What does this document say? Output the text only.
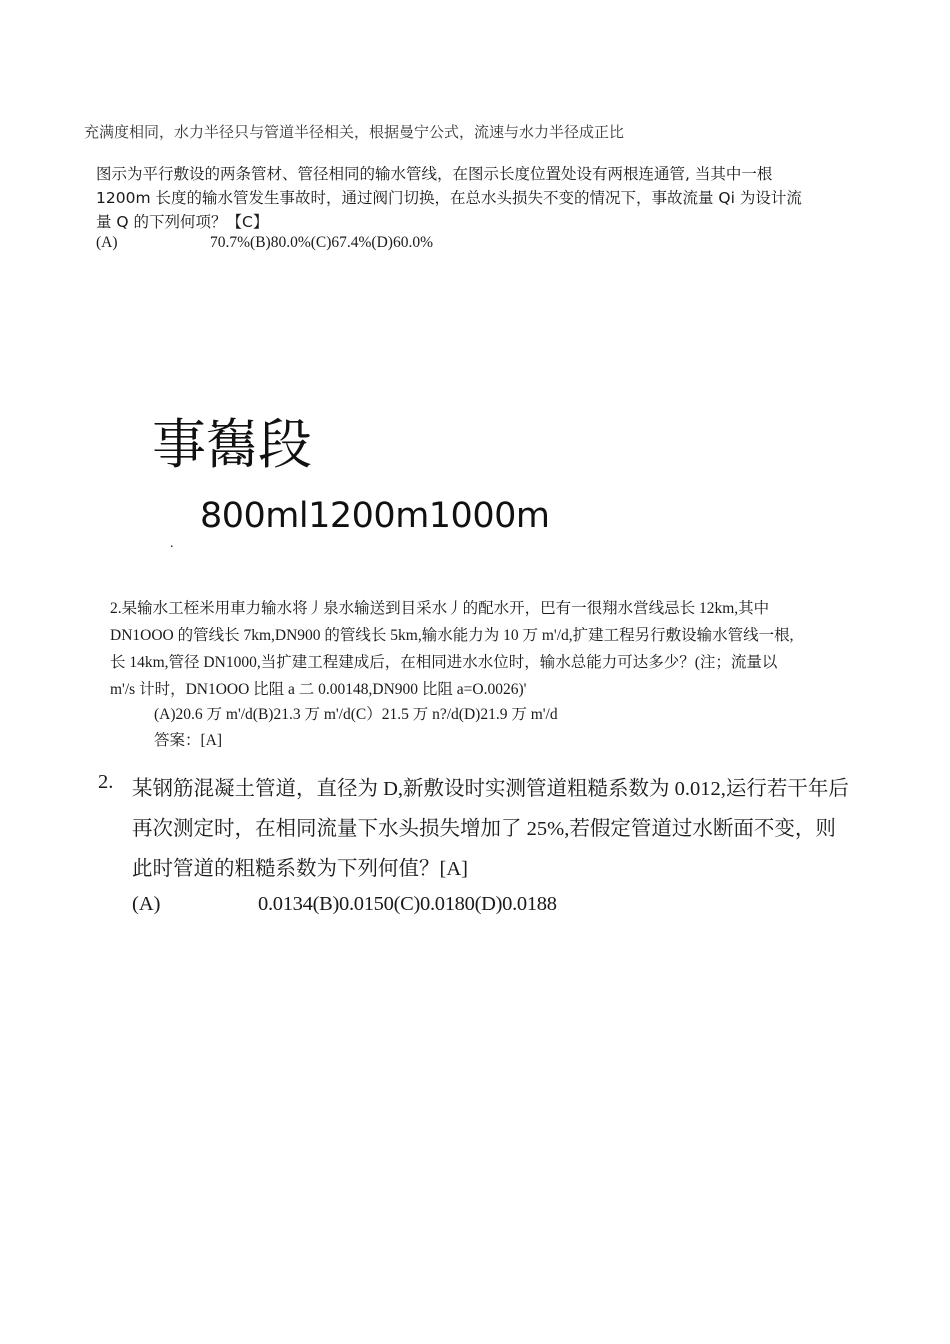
充满度相同，水力半径只与管道半径相关，根据曼宁公式，流速与水力半径成正比
图示为平行敷设的两条管材、管径相同的输水管线，在图示长度位置处设有两根连通管, 当其中一根
1200m 长度的输水管发生事故时，通过阀门切换，在总水头损失不变的情况下，事故流量 Qi 为设计流
量 Q 的下列何项？【C】
(A)	70.7%(B)80.0%(C)67.4%(D)60.0%
事雟段
800ml1200m1000m
.
2.杲输水工桎米用車力输水将丿泉水输送到目采水丿的配水开，巴有一很翔水営线忌长 12km,其中
DN1OOO 的管线长 7km,DN900 的管线长 5km,输水能力为 10 万 m'/d,扩建工程另行敷设输水管线一根,
长 14km,管径 DN1000,当扩建工程建成后，在相同进水水位时，输水总能力可达多少？(注；流量以
m'/s 计时，DN1OOO 比阻 a 二 0.00148,DN900 比阻 a=O.0026)'
(A)20.6 万 m'/d(B)21.3 万 m'/d(C）21.5 万 n?/d(D)21.9 万 m'/d
答案：[A]
2. 某钢筋混凝土管道，直径为 D,新敷设时实测管道粗糙系数为 0.012,运行若干年后
再次测定时，在相同流量下水头损失增加了 25%,若假定管道过水断面不变，则
此时管道的粗糙系数为下列何值？[A]
(A)	0.0134(B)0.0150(C)0.0180(D)0.0188
